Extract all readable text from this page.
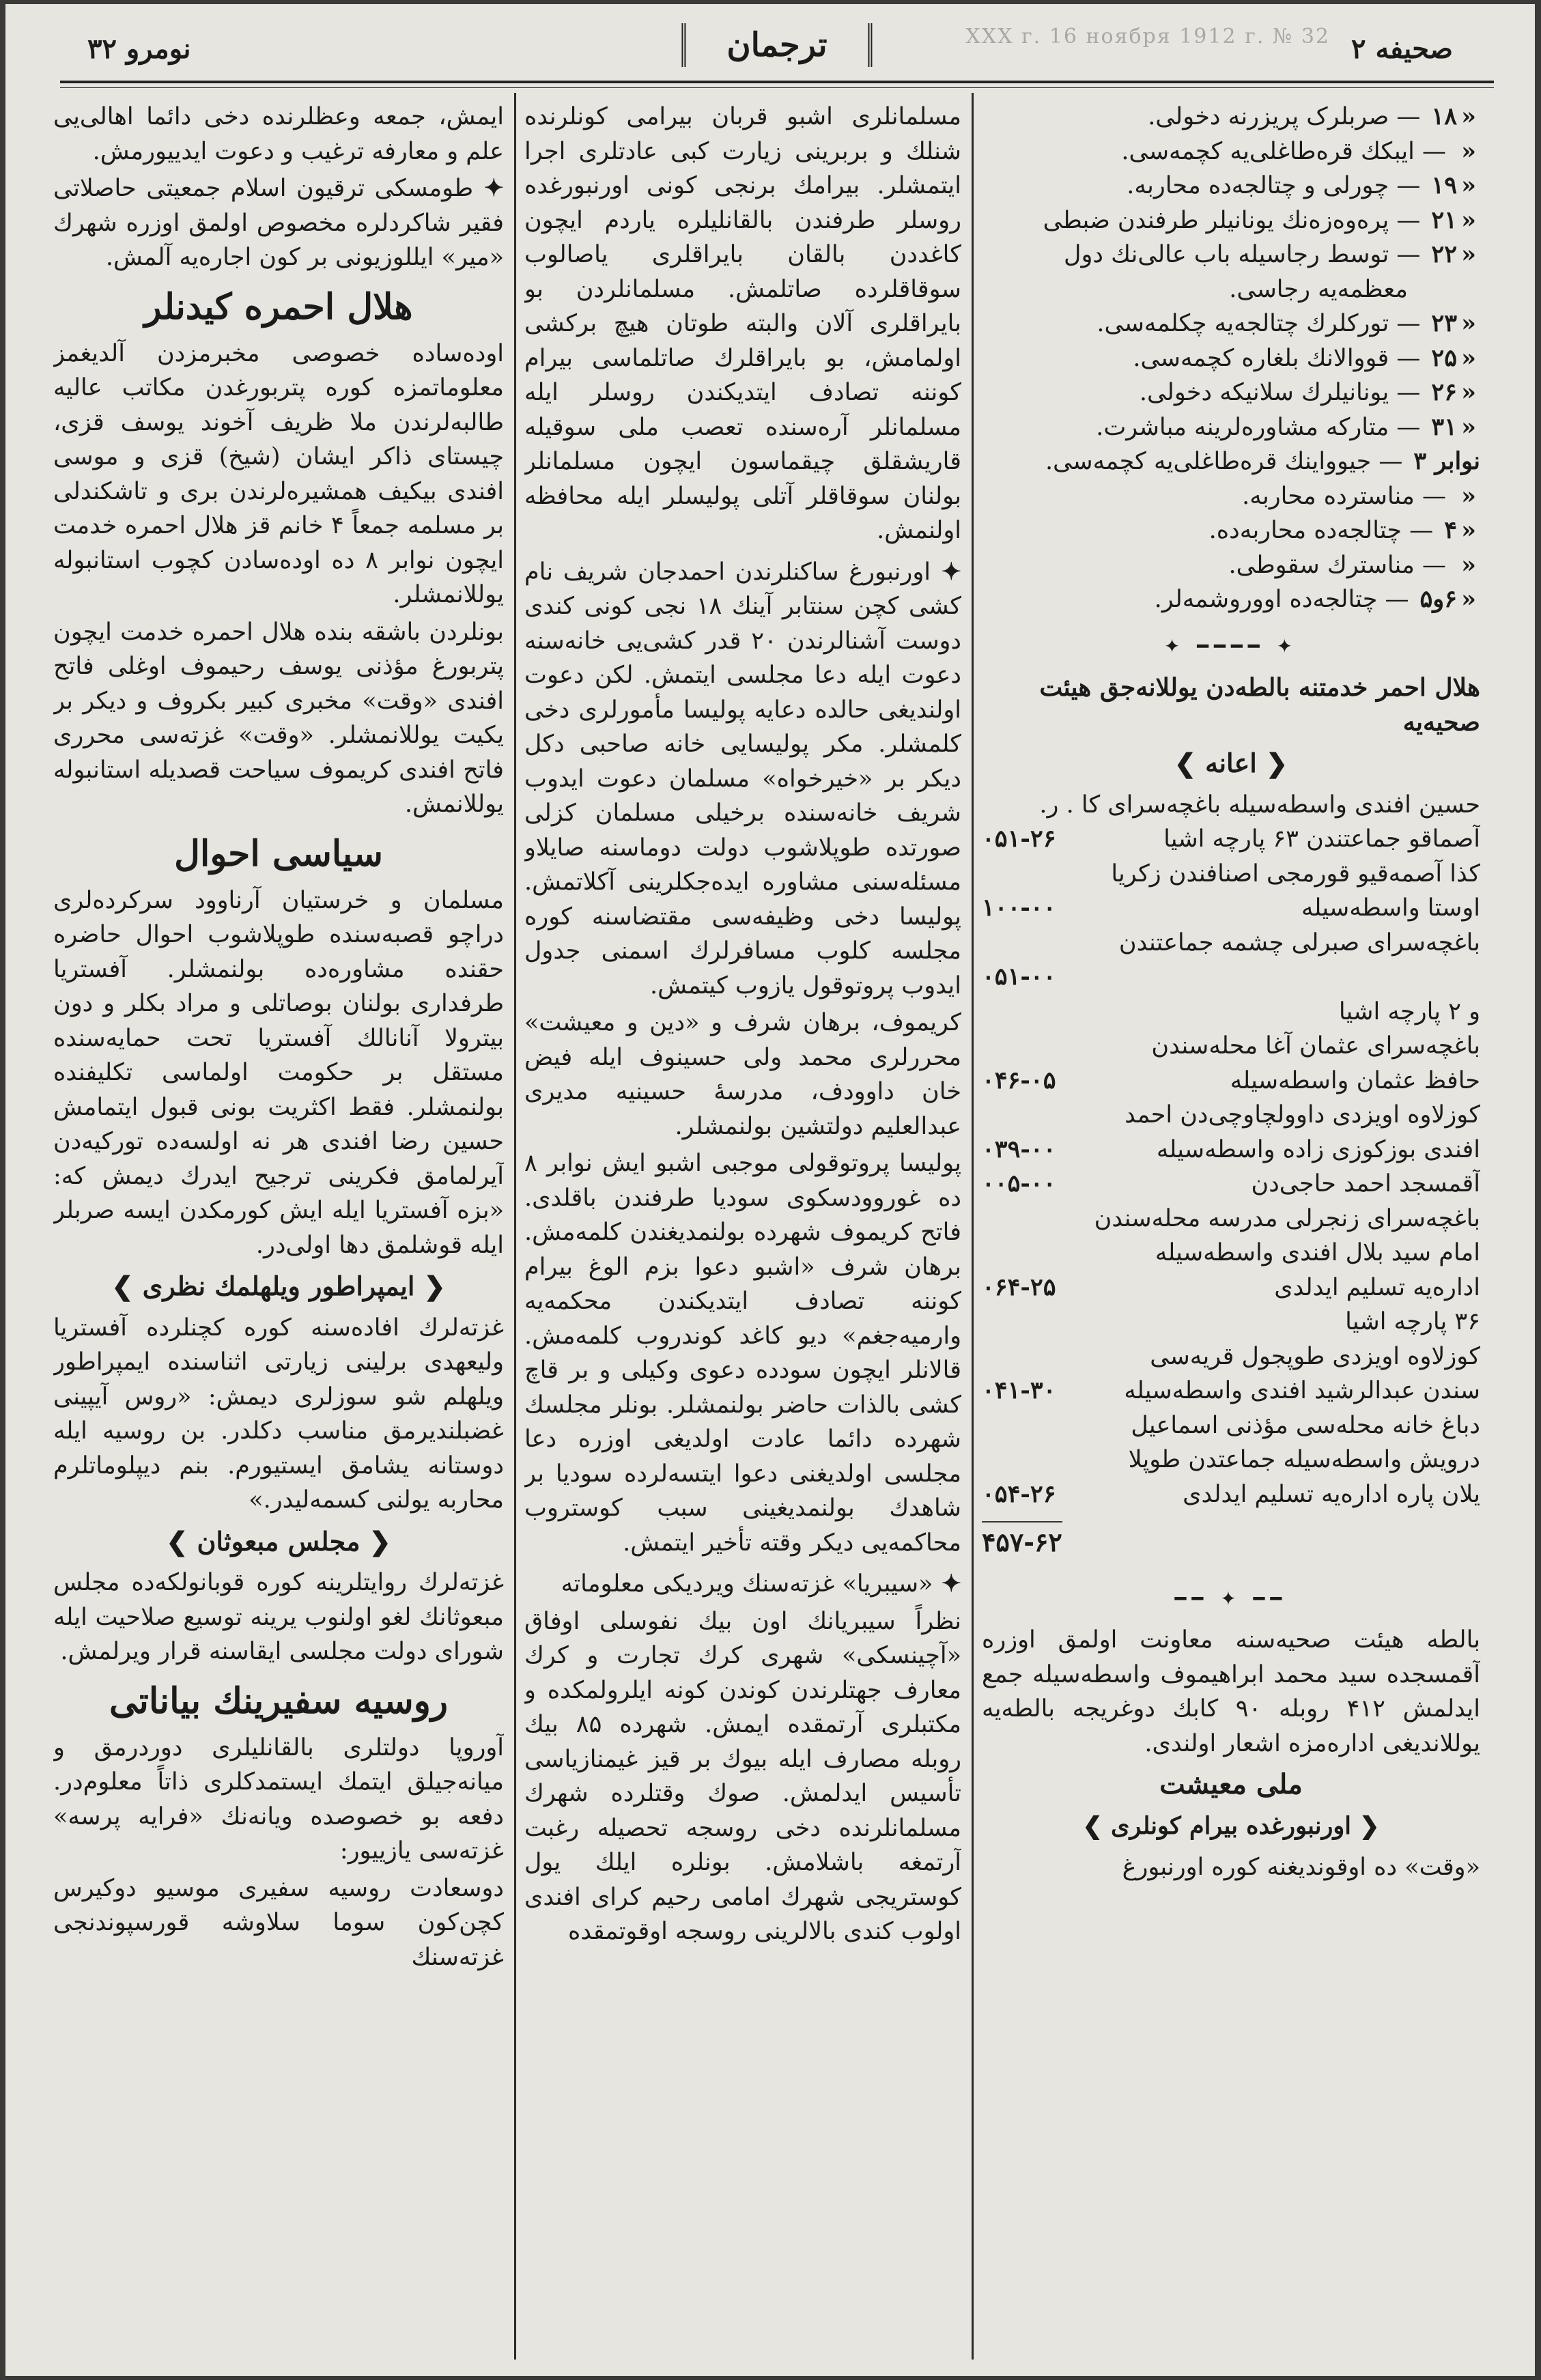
صحیفه ۲
XXX г. 16 ноября 1912 г. № 32
ترجمان
نومرو ۳۲
«
۱۸
— صربلرک پریزرنه دخولی.
«
— ایبکك قره‌طاغلی‌یه کچمه‌سی.
«
۱۹
— چورلی و چتالجه‌ده محاربه.
«
۲۱
— پره‌وه‌زه‌نك یونانیلر طرفندن ضبطی
«
۲۲
— توسط رجاسیله باب عالی‌نك دول
معظمه‌یه رجاسی.
«
۲۳
— تورکلرك چتالجه‌یه چکلمه‌سی.
«
۲۵
— قووالانك بلغاره کچمه‌سی.
«
۲۶
— یونانیلرك سلانیکه دخولی.
«
۳۱
— متارکه مشاوره‌لرینه مباشرت.
نوابر ۳
— جیوواینك قره‌طاغلی‌یه کچمه‌سی.
«
— مناسترده محاربه.
«
۴
— چتالجه‌ده محاربه‌ده.
«
— مناسترك سقوطی.
«
۶و۵
— چتالجه‌ده اووروشمه‌لر.
✦ ━━━━ ✦

هلال احمر خدمتنه بالطه‌دن یوللانه‌جق هیئت صحیه‌یه

❮ اعانه ❯

حسین افندی واسطه‌سیله باغچه‌سرای كا . ر.
آصماقو جماعتندن ۶۳ پارچه اشیا
۰۵۱-۲۶
كذا آصمه‌قیو قورمجی اصنافندن زکریا
اوستا واسطه‌سیله
۱۰۰-۰۰
باغچه‌سرای صبرلی چشمه جماعتندن
۰۵۱-۰۰
و ۲ پارچه اشیا
باغچه‌سرای عثمان آغا محله‌سندن
حافظ عثمان واسطه‌سیله
۰۴۶-۰۵
کوزلاوه اویزدی داوولچاوچی‌دن احمد
افندی بوزکوزی زاده واسطه‌سیله
۰۳۹-۰۰
آقمسجد احمد حاجی‌دن
۰۰۵-۰۰
باغچه‌سرای زنجرلی مدرسه محله‌سندن
امام سید بلال افندی واسطه‌سیله
اداره‌یه تسلیم ایدلدی
۰۶۴-۲۵
۳۶ پارچه اشیا
کوزلاوه اویزدی طوپجول قریه‌سی
سندن عبدالرشید افندی واسطه‌سیله
۰۴۱-۳۰
دباغ خانه محله‌سی مؤذنی اسماعیل
درویش واسطه‌سیله جماعتدن طوپلا
یلان پاره اداره‌یه تسلیم ایدلدی
۰۵۴-۲۶
۴۵۷-۶۲
━━ ✦ ━━

بالطه هیئت صحیه‌سنه معاونت اولمق اوزره آقمسجده سید محمد ابراهیموف واسطه‌سیله جمع ایدلمش ۴۱۲ روبله ۹۰ کابك دوغریجه بالطه‌یه یوللاندیغی اداره‌مزه اشعار اولندی.

ملی معیشت

❮ اورنبورغده بیرام کونلری ❯

«وقت» ده اوقوندیغنه کوره اورنبورغ

مسلمانلری اشبو قربان بیرامی کونلرنده شنلك و بربرینی زیارت کبی عادتلری اجرا ایتمشلر. بیرامك برنجی کونی اورنبورغده روسلر طرفندن بالقانلیلره یاردم ایچون کاغددن بالقان بایراقلری یاصالوب سوقاقلرده صاتلمش. مسلمانلردن بو بایراقلری آلان والبته طوتان هیچ برکشی اولمامش، بو بایراقلرك صاتلماسی بیرام کوننه تصادف ایتدیکندن روسلر ایله مسلمانلر آره‌سنده تعصب ملی سوقیله قاریشقلق چیقماسون ایچون مسلمانلر بولنان سوقاقلر آتلی پولیسلر ایله محافظه اولنمش.

✦ اورنبورغ ساکنلرندن احمدجان شریف نام کشی کچن سنتابر آینك ۱۸ نجی کونی کندی دوست آشنالرندن ۲۰ قدر کشی‌یی خانه‌سنه دعوت ایله دعا مجلسی ایتمش. لکن دعوت اولندیغی حالده دعایه پولیسا مأمورلری دخی کلمشلر. مکر پولیسایی خانه صاحبی دکل دیکر بر «خیرخواه» مسلمان دعوت ایدوب شریف خانه‌سنده برخیلی مسلمان کزلی صورتده طوپلاشوب دولت دوماسنه صایلاو مسئله‌سنی مشاوره ایده‌جکلرینی آکلاتمش. پولیسا دخی وظیفه‌سی مقتضاسنه کوره مجلسه کلوب مسافرلرك اسمنی جدول ایدوب پروتوقول یازوب کیتمش.

کریموف، برهان شرف و «دین و معیشت» محررلری محمد ولی حسینوف ایله فیض خان داوودف، مدرسهٔ حسینیه مدیری عبدالعلیم دولتشین بولنمشلر.

پولیسا پروتوقولی موجبی اشبو ایش نوابر ۸ ده غوروودسکوی سودیا طرفندن باقلدی. فاتح کریموف شهرده بولنمدیغندن کلمه‌مش. برهان شرف «اشبو دعوا بزم الوغ بیرام کوننه تصادف ایتدیکندن محکمه‌یه وارمیه‌جغم» دیو کاغد کوندروب کلمه‌مش. قالانلر ایچون سودده دعوی وکیلی و بر قاچ کشی بالذات حاضر بولنمشلر. بونلر مجلسك شهرده دائما عادت اولدیغی اوزره دعا مجلسی اولدیغنی دعوا ایتسه‌لرده سودیا بر شاهدك بولنمدیغینی سبب کوستروب محاکمه‌یی دیکر وقته تأخیر ایتمش.

✦ «سیبریا» غزته‌سنك ویردیکی معلوماته

نظراً سیبریانك اون بیك نفوسلی اوفاق «آچینسکی» شهری کرك تجارت و کرك معارف جهتلرندن کوندن کونه ایلرولمکده و مکتبلری آرتمقده ایمش. شهرده ۸۵ بیك روبله مصارف ایله بیوك بر قیز غیمنازیاسی تأسیس ایدلمش. صوك وقتلرده شهرك مسلمانلرنده دخی روسجه تحصیله رغبت آرتمغه باشلامش. بونلره ایلك یول کوستریجی شهرك امامی رحیم کرای افندی اولوب کندی بالالرینی روسجه اوقوتمقده

ایمش، جمعه وعظلرنده دخی دائما اهالی‌یی علم و معارفه ترغیب و دعوت ایدییورمش.

✦ طومسکی ترقیون اسلام جمعیتی حاصلاتی فقیر شاکردلره مخصوص اولمق اوزره شهرك «میر» ایللوزیونی بر کون اجاره‌یه آلمش.

هلال احمره کیدنلر

اوده‌ساده خصوصی مخبرمزدن آلدیغمز معلوماتمزه کوره پتربورغدن مکاتب عالیه طالبه‌لرندن ملا ظریف آخوند یوسف قزی، چیستای ذاکر ایشان (شیخ) قزی و موسی افندی بیکیف همشیره‌لرندن بری و تاشکندلی بر مسلمه جمعاً ۴ خانم قز هلال احمره خدمت ایچون نوابر ۸ ده اوده‌سادن کچوب استانبوله یوللانمشلر.

بونلردن باشقه بنده هلال احمره خدمت ایچون پتربورغ مؤذنی یوسف رحیموف اوغلی فاتح افندی «وقت» مخبری کبیر بکروف و دیکر بر یکیت یوللانمشلر. «وقت» غزته‌سی محرری فاتح افندی کریموف سیاحت قصدیله استانبوله یوللانمش.

سیاسی احوال

مسلمان و خرستیان آرناوود سرکرده‌لری دراچو قصبه‌سنده طوپلاشوب احوال حاضره حقنده مشاوره‌ده بولنمشلر. آفستریا طرفداری بولنان بوصاتلی و مراد بکلر و دون بیترولا آنانالك آفستریا تحت حمایه‌سنده مستقل بر حکومت اولماسی تکلیفنده بولنمشلر. فقط اکثریت بونی قبول ایتمامش حسین رضا افندی هر نه اولسه‌ده تورکیه‌دن آیرلمامق فکرینی ترجیح ایدرك دیمش که: «بزه آفستریا ایله ایش کورمکدن ایسه صربلر ایله قوشلمق دها اولی‌در.

❮ ایمپراطور ویلهلمك نظری ❯

غزته‌لرك افاده‌سنه کوره کچنلرده آفستریا ولیعهدی برلینی زیارتی اثناسنده ایمپراطور ویلهلم شو سوزلری دیمش: «روس آیپینی غضبلندیرمق مناسب دکلدر. بن روسیه ایله دوستانه یشامق ایستیورم. بنم دیپلوماتلرم محاربه یولنی کسمه‌لیدر.»

❮ مجلس مبعوثان ❯

غزته‌لرك روایتلرینه کوره قوبانولکه‌ده مجلس مبعوثانك لغو اولنوب یرینه توسیع صلاحیت ایله شورای دولت مجلسی ایقاسنه قرار ویرلمش.

روسیه سفیرینك بیاناتی

آوروپا دولتلری بالقانلیلری دوردرمق و میانه‌جیلق ایتمك ایستمدکلری ذاتاً معلوم‌در. دفعه بو خصوصده ویانه‌نك «فرایه پرسه» غزته‌سی یازییور:

دوسعادت روسیه سفیری موسیو دوکیرس کچن‌کون سوما سلاوشه قورسپوندنجی غزته‌سنك
